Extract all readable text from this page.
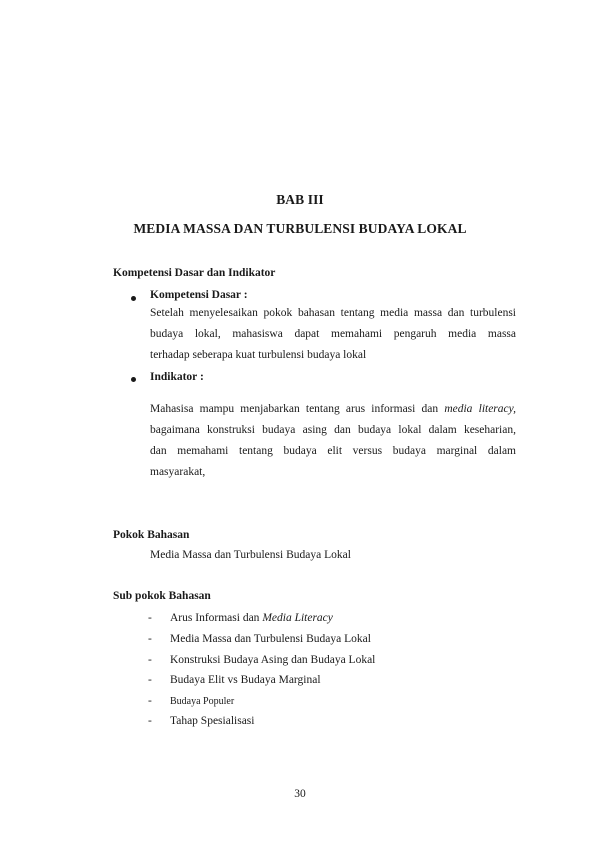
BAB III
MEDIA MASSA DAN TURBULENSI BUDAYA LOKAL
Kompetensi Dasar dan Indikator
Kompetensi Dasar :
Setelah menyelesaikan pokok bahasan tentang media massa dan turbulensi
budaya lokal, mahasiswa dapat memahami pengaruh media massa
terhadap seberapa kuat turbulensi budaya lokal
Indikator :
Mahasisa mampu menjabarkan tentang arus informasi dan media literacy,
bagaimana konstruksi budaya asing dan budaya lokal dalam keseharian,
dan memahami tentang budaya elit versus budaya marginal dalam
masyarakat,
Pokok Bahasan
Media Massa dan Turbulensi Budaya Lokal
Sub pokok Bahasan
- Arus Informasi dan Media Literacy
- Media Massa dan Turbulensi Budaya Lokal
- Konstruksi Budaya Asing dan Budaya Lokal
- Budaya Elit vs Budaya Marginal
- Budaya Populer
- Tahap Spesialisasi
30
